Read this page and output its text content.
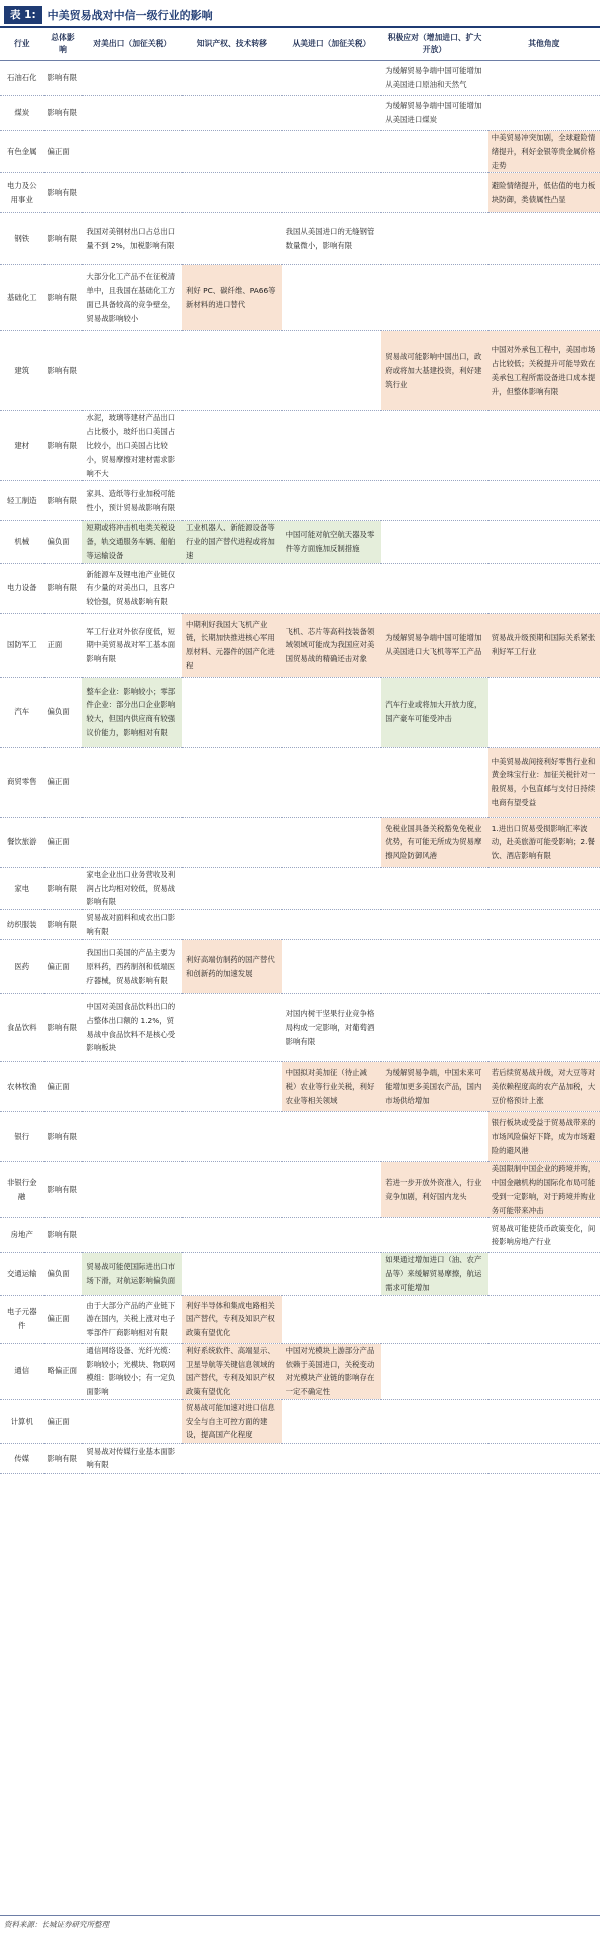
表 1:	中美贸易战对中信一级行业的影响
行业	总体影响	对美出口（加征关税）	知识产权、技术转移	从美进口（加征关税）	积极应对（增加进口、扩大开放）	其他角度
石油石化	影响有限				为缓解贸易争端中国可能增加从美国进口原油和天然气	
煤炭	影响有限				为缓解贸易争端中国可能增加从美国进口煤炭	
有色金属	偏正面					中美贸易冲突加剧，全球避险情绪提升，利好金银等贵金属价格走势
电力及公用事业	影响有限					避险情绪提升，低估值的电力板块防御，类债属性凸显
钢铁	影响有限	我国对美钢材出口占总出口量不到 2%，加税影响有限		我国从美国进口的无缝钢管数量微小，影响有限		
基础化工	影响有限	大部分化工产品不在征税清单中，且我国在基础化工方面已具备较高的竞争壁垒，贸易战影响较小	利好 PC、碳纤维、PA66等新材料的进口替代			
建筑	影响有限				贸易战可能影响中国出口，政府或将加大基建投资，利好建筑行业	中国对外承包工程中，美国市场占比较低；关税提升可能导致在美承包工程所需设备进口成本提升，但整体影响有限
建材	影响有限	水泥，玻璃等建材产品出口占比极小，玻纤出口美国占比较小，出口美国占比较小，贸易摩擦对建材需求影响不大				
轻工制造	影响有限	家具、造纸等行业加税可能性小，预计贸易战影响有限				
机械	偏负面	短期或将冲击机电类关税设备，轨交通服务车辆、船舶等运输设备	工业机器人、新能源设备等行业的国产替代进程或将加速	中国可能对航空航天器及零件等方面施加反制措施		
电力设备	影响有限	新能源车及锂电池产业链仅有少量的对美出口，且客户较恰强，贸易战影响有限				
国防军工	正面	军工行业对外依存度低，短期中美贸易战对军工基本面影响有限	中期利好我国大飞机产业链，长期加快推进核心军用原材料、元器件的国产化进程	飞机、芯片等高科技装备领域领域可能成为我国应对美国贸易战的精确还击对象	为缓解贸易争端中国可能增加从美国进口大飞机等军工产品	贸易战升级预期和国际关系紧张利好军工行业
汽车	偏负面	整车企业：影响较小；零部件企业：部分出口企业影响较大，但国内供应商有较强议价能力，影响相对有限			汽车行业或将加大开放力度，国产豪车可能受冲击	
商贸零售	偏正面					中美贸易战间接利好零售行业和黄金珠宝行业：加征关税针对一般贸易，小包直邮与支付日持续电商有望受益
餐饮旅游	偏正面				免税业国具备关税豁免免税业优势，有可能无所成为贸易摩擦风险防御风港	1.进出口贸易受损影响汇率波动，赴美旅游可能受影响；2.餐饮、酒店影响有限
家电	影响有限	家电企业出口业务营收及利润占比均相对较低，贸易战影响有限				
纺织服装	影响有限	贸易战对面料和成衣出口影响有限				
医药	偏正面	我国出口美国的产品主要为原料药，西药制剂和低端医疗器械，贸易战影响有限	利好高端仿制药的国产替代和创新药的加速发展			
食品饮料	影响有限	中国对美国食品饮料出口的占整体出口额的 1.2%，贸易战中食品饮料不是核心受影响板块		对国内树干坚果行业竞争格局构成一定影响，对葡萄酒影响有限		
农林牧渔	偏正面			中国拟对美加征（待止减税）农业等行业关税，利好农业等相关领域	为缓解贸易争端，中国未来可能增加更多美国农产品，国内市场供给增加	若后续贸易战升级，对大豆等对美依赖程度高的农产品加税，大豆价格预计上涨
银行	影响有限					银行板块或受益于贸易战带来的市场风险偏好下降，成为市场避险的避风港
非银行金融	影响有限				若进一步开放外资准入，行业竞争加剧，利好国内龙头	美国限制中国企业的跨境并购，中国金融机构的国际化布局可能受到一定影响，对于跨境并购业务可能带来冲击
房地产	影响有限					贸易战可能使货币政策变化，间接影响房地产行业
交通运输	偏负面	贸易战可能使国际进出口市场下滑，对航运影响偏负面			如果通过增加进口（油、农产品等）来缓解贸易摩擦，航运需求可能增加	
电子元器件	偏正面	由于大部分产品的产业链下游在国内，关税上涨对电子零部件厂商影响相对有限	利好半导体和集成电路相关国产替代，专利及知识产权政策有望优化			
通信	略偏正面	通信网络设备、光纤光缆：影响较小；光模块、物联网模组：影响较小；有一定负面影响	利好系统软件、高端显示、卫星导航等关键信息领域的国产替代，专利及知识产权政策有望优化	中国对光模块上游部分产品依赖于美国进口，关税变动对光模块产业链的影响存在一定不确定性		
计算机	偏正面		贸易战可能加速对进口信息安全与自主可控方面的建设，提高国产化程度			
传媒	影响有限	贸易战对传媒行业基本面影响有限				
资料来源：长城证券研究所整理
